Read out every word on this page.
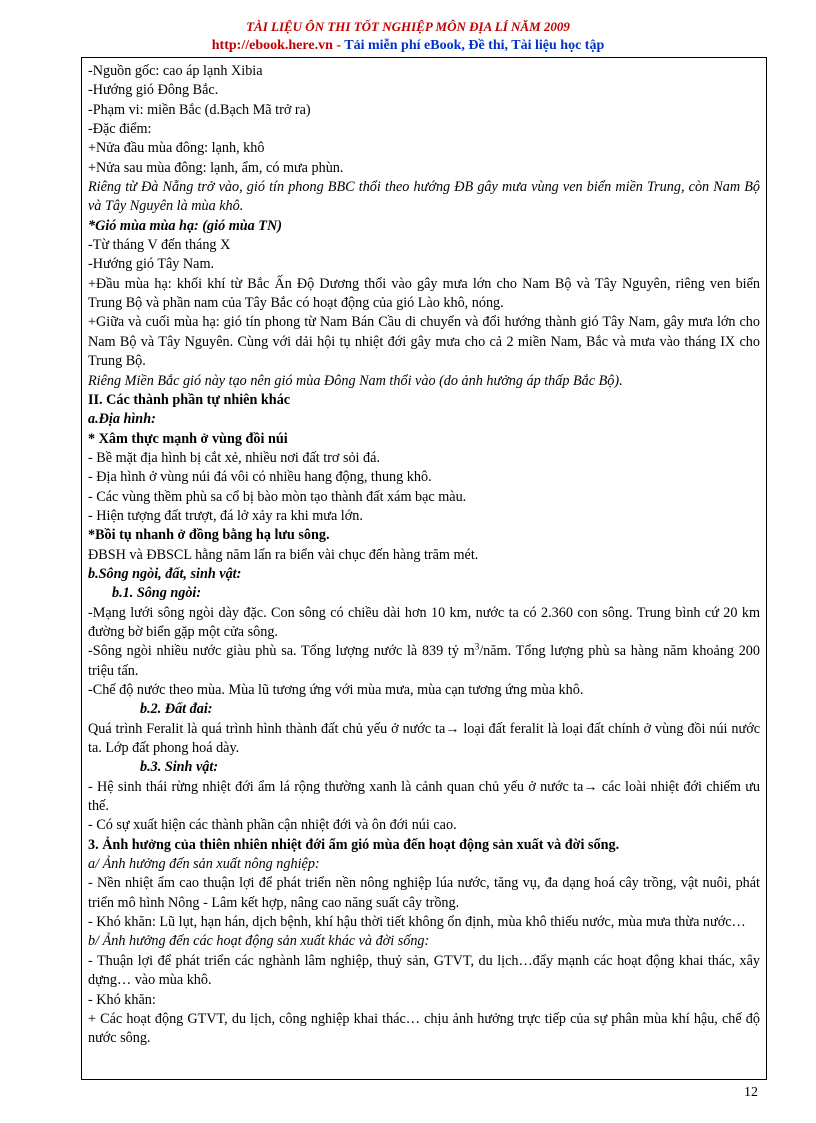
TÀI LIỆU ÔN THI TỐT NGHIỆP MÔN ĐỊA LÍ NĂM 2009
http://ebook.here.vn - Tải miễn phí eBook, Đề thi, Tài liệu học tập
-Nguồn gốc: cao áp lạnh Xibia
-Hướng gió Đông Bắc.
-Phạm vi: miền Bắc (d.Bạch Mã trở ra)
-Đặc điểm:
+Nửa đầu mùa đông: lạnh, khô
+Nửa sau mùa đông: lạnh, ẩm, có mưa phùn.
Riêng từ Đà Nẵng trở vào, gió tín phong BBC thổi theo hướng ĐB gây mưa vùng ven biển miền Trung, còn Nam Bộ và Tây Nguyên là mùa khô.
*Gió mùa mùa hạ: (gió mùa TN)
-Từ tháng V đến tháng X
-Hướng gió Tây Nam.
+Đầu mùa hạ: khối khí từ Bắc Ấn Độ Dương thổi vào gây mưa lớn cho Nam Bộ và Tây Nguyên, riêng ven biển Trung Bộ và phần nam của Tây Bắc có hoạt động của gió Lào khô, nóng.
+Giữa và cuối mùa hạ: gió tín phong từ Nam Bán Cầu di chuyển và đổi hướng thành gió Tây Nam, gây mưa lớn cho Nam Bộ và Tây Nguyên. Cùng với dải hội tụ nhiệt đới gây mưa cho cả 2 miền Nam, Bắc và mưa vào tháng IX cho Trung Bộ.
Riêng Miền Bắc gió này tạo nên gió mùa Đông Nam thổi vào (do ảnh hưởng áp thấp Bắc Bộ).
II. Các thành phần tự nhiên khác
a.Địa hình:
* Xâm thực mạnh ở vùng đồi núi
- Bề mặt địa hình bị cắt xẻ, nhiều nơi đất trơ sỏi đá.
- Địa hình ở vùng núi đá vôi có nhiều hang động, thung khô.
- Các vùng thềm phù sa cổ bị bào mòn tạo thành đất xám bạc màu.
- Hiện tượng đất trượt, đá lở xảy ra khi mưa lớn.
*Bồi tụ nhanh ở đồng bằng hạ lưu sông.
ĐBSH và ĐBSCL hằng năm lấn ra biển vài chục đến hàng trăm mét.
b.Sông ngòi, đất, sinh vật:
b.1. Sông ngòi:
-Mạng lưới sông ngòi dày đặc. Con sông có chiều dài hơn 10 km, nước ta có 2.360 con sông. Trung bình cứ 20 km đường bờ biển gặp một cửa sông.
-Sông ngòi nhiều nước giàu phù sa. Tổng lượng nước là 839 tỷ $m^3$/năm. Tổng lượng phù sa hàng năm khoảng 200 triệu tấn.
-Chế độ nước theo mùa. Mùa lũ tương ứng với mùa mưa, mùa cạn tương ứng mùa khô.
b.2. Đất đai:
Quá trình Feralit là quá trình hình thành đất chủ yếu ở nước ta→ loại đất feralit là loại đất chính ở vùng đồi núi nước ta. Lớp đất phong hoá dày.
b.3. Sinh vật:
- Hệ sinh thái rừng nhiệt đới ẩm lá rộng thường xanh là cảnh quan chủ yếu ở nước ta→ các loài nhiệt đới chiếm ưu thế.
- Có sự xuất hiện các thành phần cận nhiệt đới và ôn đới núi cao.
3. Ảnh hưởng của thiên nhiên nhiệt đới ẩm gió mùa đến hoạt động sản xuất và đời sống.
a/ Ảnh hưởng đến sản xuất nông nghiệp:
- Nền nhiệt ẩm cao thuận lợi để phát triển nền nông nghiệp lúa nước, tăng vụ, đa dạng hoá cây trồng, vật nuôi, phát triển mô hình Nông - Lâm kết hợp, nâng cao năng suất cây trồng.
- Khó khăn: Lũ lụt, hạn hán, dịch bệnh, khí hậu thời tiết không ổn định, mùa khô thiếu nước, mùa mưa thừa nước…
b/ Ảnh hưởng đến các hoạt động sản xuất khác và đời sống:
- Thuận lợi để phát triển các nghành lâm nghiệp, thuỷ sản, GTVT, du lịch…đẩy mạnh các hoạt động khai thác, xây dựng… vào mùa khô.
- Khó khăn:
+ Các hoạt động GTVT, du lịch, công nghiệp khai thác… chịu ảnh hưởng trực tiếp của sự phân mùa khí hậu, chế độ nước sông.
12
